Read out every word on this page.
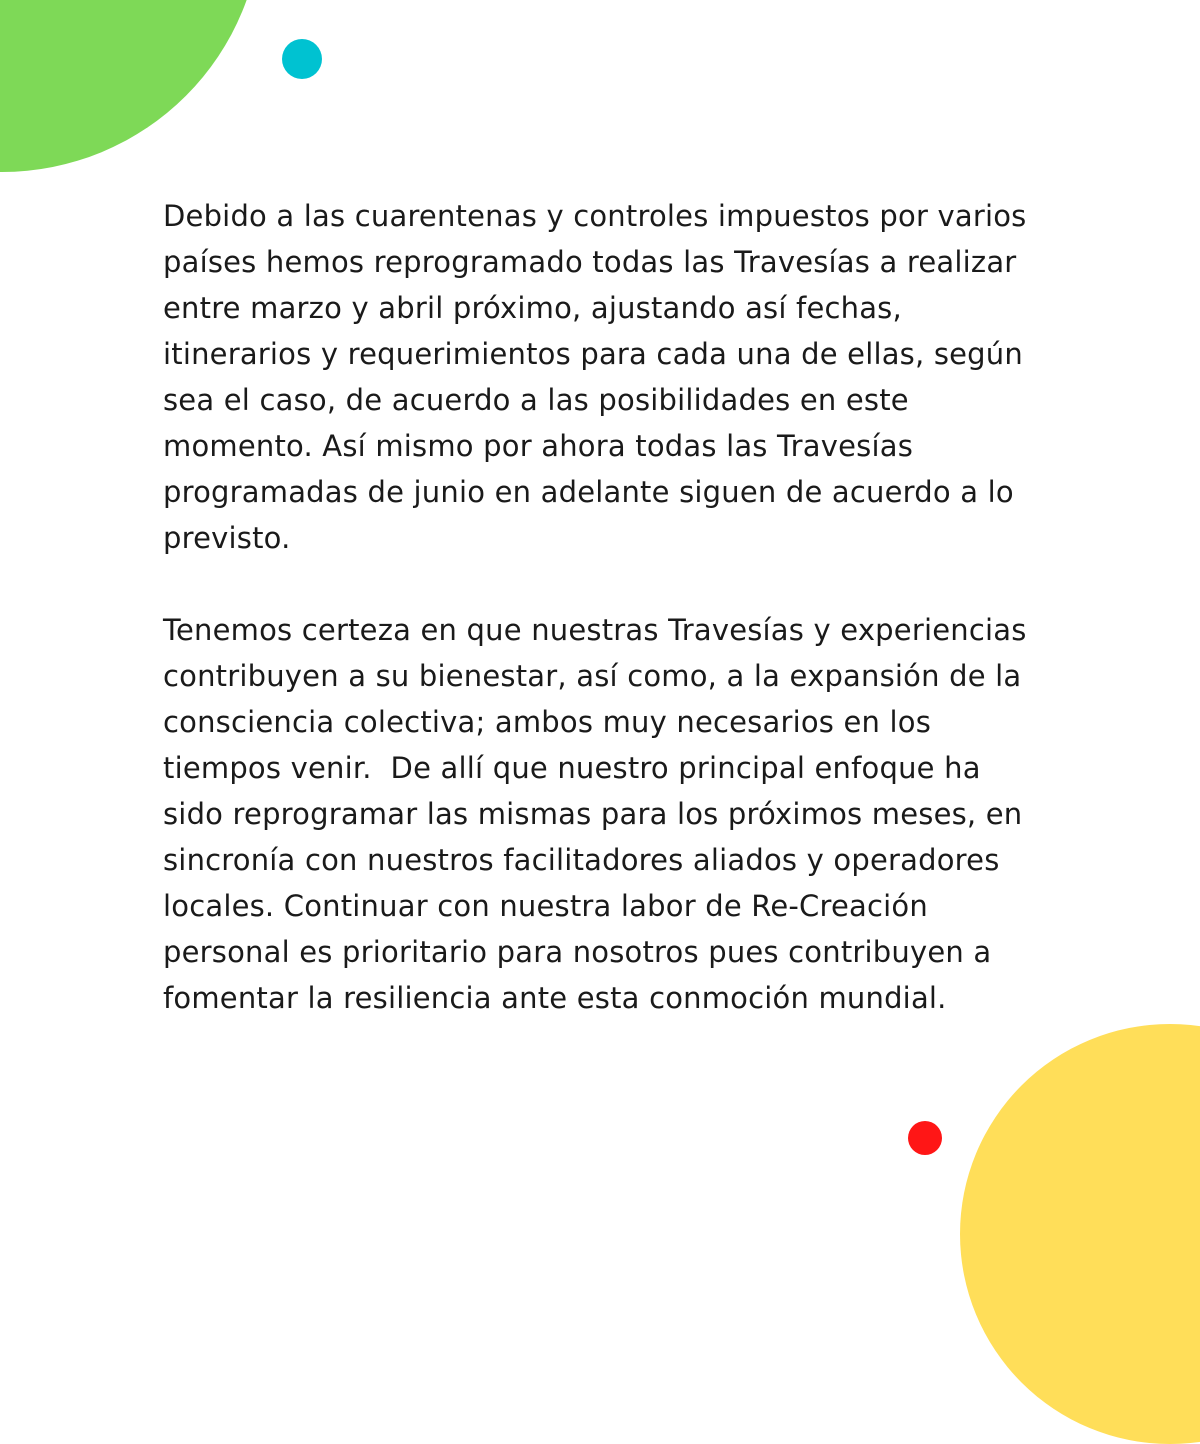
Debido a las cuarentenas y controles impuestos por varios
países hemos reprogramado todas las Travesías a realizar
entre marzo y abril próximo, ajustando así fechas,
itinerarios y requerimientos para cada una de ellas, según
sea el caso, de acuerdo a las posibilidades en este
momento. Así mismo por ahora todas las Travesías
programadas de junio en adelante siguen de acuerdo a lo
previsto.

Tenemos certeza en que nuestras Travesías y experiencias
contribuyen a su bienestar, así como, a la expansión de la
consciencia colectiva; ambos muy necesarios en los
tiempos venir.  De allí que nuestro principal enfoque ha
sido reprogramar las mismas para los próximos meses, en
sincronía con nuestros facilitadores aliados y operadores
locales. Continuar con nuestra labor de Re-Creación
personal es prioritario para nosotros pues contribuyen a
fomentar la resiliencia ante esta conmoción mundial.
